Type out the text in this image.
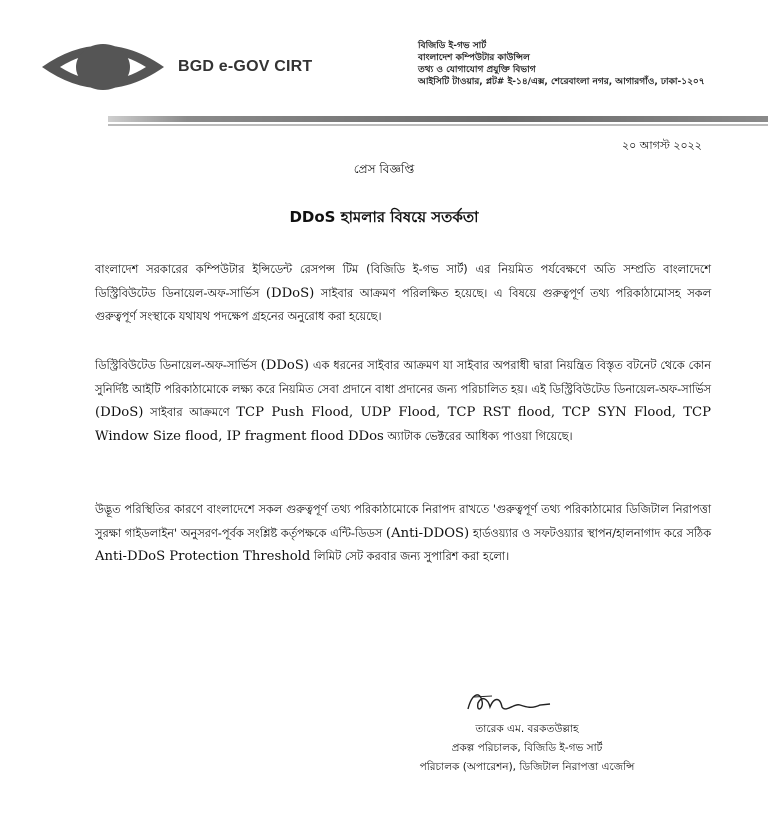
BGD e-GOV CIRT
বিজিডি ই-গভ সার্ট
বাংলাদেশ কম্পিউটার কাউন্সিল
তথ্য ও যোগাযোগ প্রযুক্তি বিভাগ
আইসিটি টাওয়ার, প্লট# ই-১৪/এক্স, শেরেবাংলা নগর, আগারগাঁও, ঢাকা-১২০৭
২০ আগস্ট ২০২২
প্রেস বিজ্ঞপ্তি
DDoS হামলার বিষয়ে সতর্কতা
বাংলাদেশ সরকারের কম্পিউটার ইন্সিডেন্ট রেসপন্স টিম (বিজিডি ই-গভ সার্ট) এর নিয়মিত পর্যবেক্ষণে অতি সম্প্রতি বাংলাদেশে ডিস্ট্রিবিউটেড ডিনায়েল-অফ-সার্ভিস (DDoS) সাইবার আক্রমণ পরিলক্ষিত হয়েছে। এ বিষয়ে গুরুত্বপূর্ণ তথ্য পরিকাঠামোসহ সকল গুরুত্বপূর্ণ সংস্থাকে যথাযথ পদক্ষেপ গ্রহনের অনুরোধ করা হয়েছে।
ডিস্ট্রিবিউটেড ডিনায়েল-অফ-সার্ভিস (DDoS) এক ধরনের সাইবার আক্রমণ যা সাইবার অপরাধী দ্বারা নিয়ন্ত্রিত বিস্তৃত বটনেট থেকে কোন সুনির্দিষ্ট আইটি পরিকাঠামোকে লক্ষ্য করে নিয়মিত সেবা প্রদানে বাধা প্রদানের জন্য পরিচালিত হয়। এই ডিস্ট্রিবিউটেড ডিনায়েল-অফ-সার্ভিস (DDoS) সাইবার আক্রমণে TCP Push Flood, UDP Flood, TCP RST flood, TCP SYN Flood, TCP Window Size flood, IP fragment flood DDos অ্যাটাক ভেক্টরের আধিক্য পাওয়া গিয়েছে।
উদ্ভূত পরিস্থিতির কারণে বাংলাদেশে সকল গুরুত্বপূর্ণ তথ্য পরিকাঠামোকে নিরাপদ রাখতে 'গুরুত্বপূর্ণ তথ্য পরিকাঠামোর ডিজিটাল নিরাপত্তা সুরক্ষা গাইডলাইন' অনুসরণ-পূর্বক সংশ্লিষ্ট কর্তৃপক্ষকে এন্টি-ডিডস (Anti-DDOS) হার্ডওয়্যার ও সফটওয়্যার স্থাপন/হালনাগাদ করে সঠিক Anti-DDoS Protection Threshold লিমিট সেট করবার জন্য সুপারিশ করা হলো।
তারেক এম. বরকতউল্লাহ
প্রকল্প পরিচালক, বিজিডি ই-গভ সার্ট
পরিচালক (অপারেশন), ডিজিটাল নিরাপত্তা এজেন্সি
